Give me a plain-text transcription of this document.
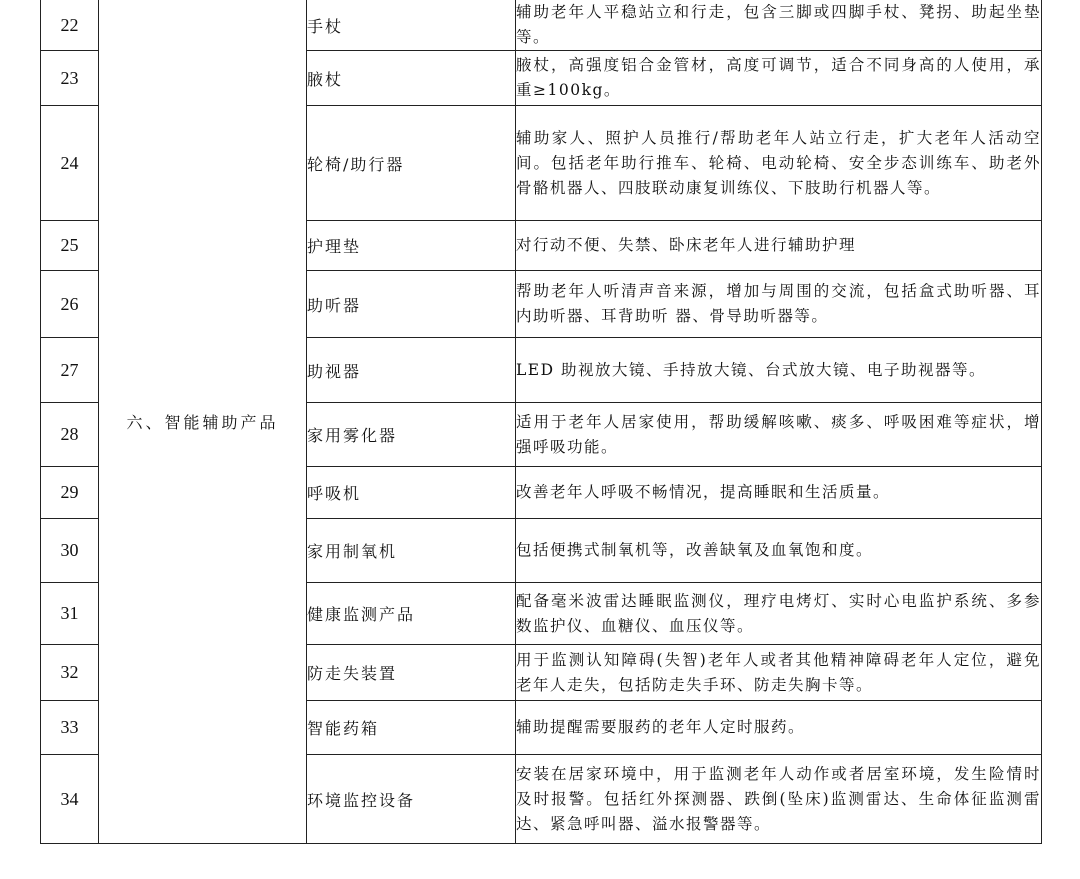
22	六、智能辅助产品	手杖	辅助老年人平稳站立和行走，包含三脚或四脚手杖、凳拐、助起坐垫等。
23		腋杖	腋杖，高强度铝合金管材，高度可调节，适合不同身高的人使用，承重≥100kg。
24		轮椅/助行器	辅助家人、照护人员推行/帮助老年人站立行走，扩大老年人活动空间。包括老年助行推车、轮椅、电动轮椅、安全步态训练车、助老外骨骼机器人、四肢联动康复训练仪、下肢助行机器人等。
25		护理垫	对行动不便、失禁、卧床老年人进行辅助护理
26		助听器	帮助老年人听清声音来源，增加与周围的交流，包括盒式助听器、耳内助听器、耳背助听 器、骨导助听器等。
27		助视器	LED 助视放大镜、手持放大镜、台式放大镜、电子助视器等。
28		家用雾化器	适用于老年人居家使用，帮助缓解咳嗽、痰多、呼吸困难等症状，增强呼吸功能。
29		呼吸机	改善老年人呼吸不畅情况，提高睡眠和生活质量。
30		家用制氧机	包括便携式制氧机等，改善缺氧及血氧饱和度。
31		健康监测产品	配备毫米波雷达睡眠监测仪，理疗电烤灯、实时心电监护系统、多参数监护仪、血糖仪、血压仪等。
32		防走失装置	用于监测认知障碍(失智)老年人或者其他精神障碍老年人定位，避免老年人走失，包括防走失手环、防走失胸卡等。
33		智能药箱	辅助提醒需要服药的老年人定时服药。
34		环境监控设备	安装在居家环境中，用于监测老年人动作或者居室环境，发生险情时及时报警。包括红外探测器、跌倒(坠床)监测雷达、生命体征监测雷达、紧急呼叫器、溢水报警器等。
